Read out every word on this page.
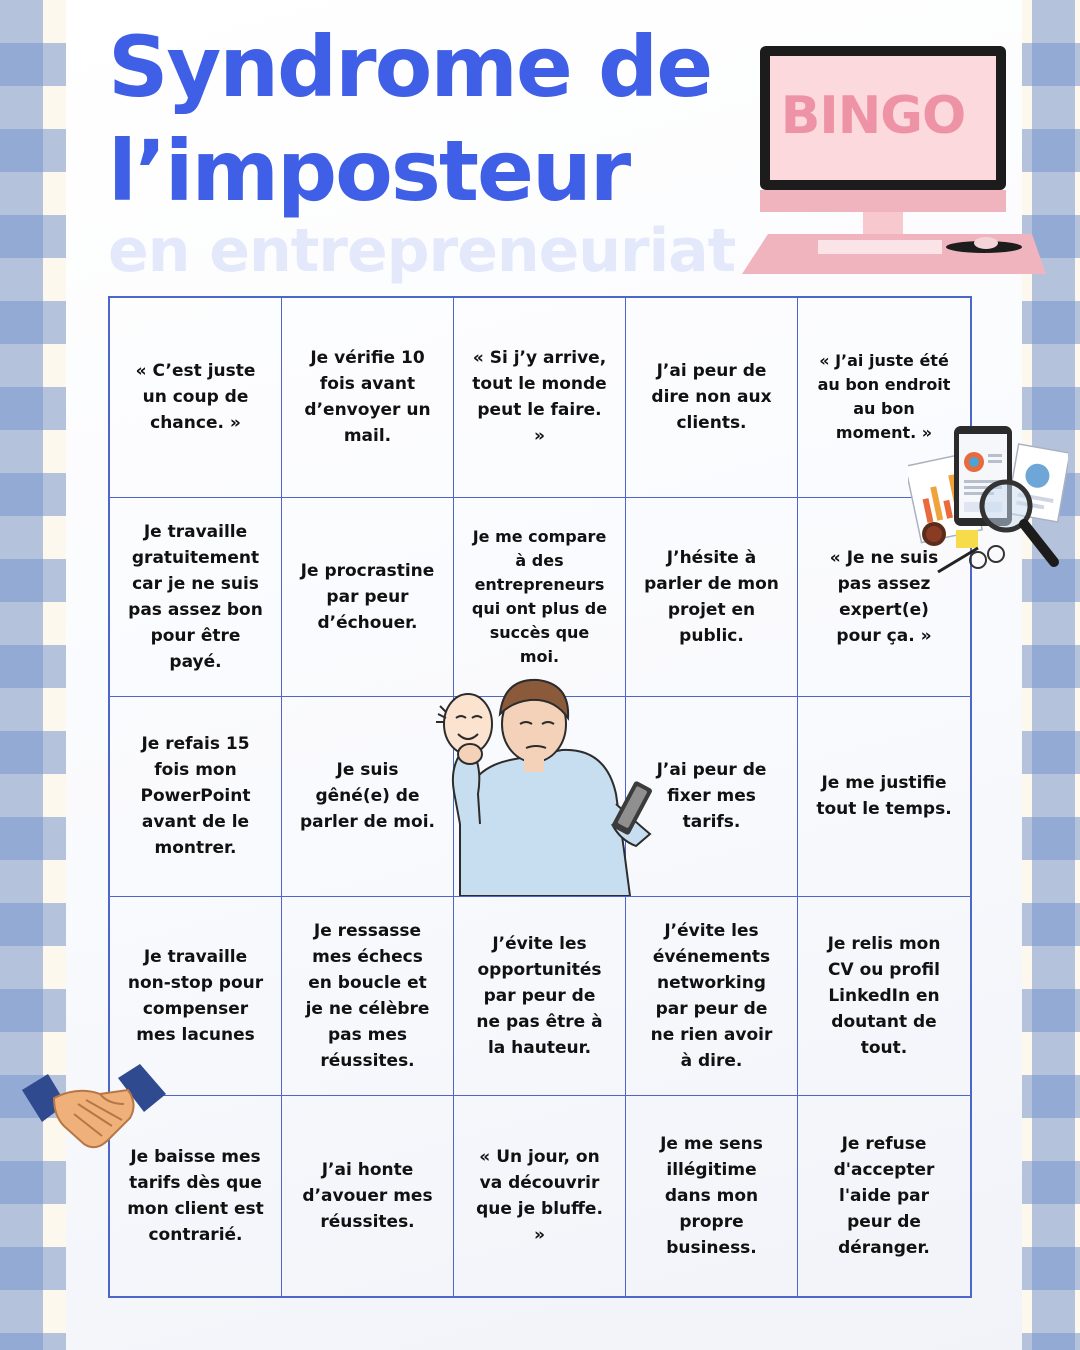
Syndrome de
l’imposteur
en entrepreneuriat
BINGO
« C’est juste un coup de chance. »
Je vérifie 10 fois avant d’envoyer un mail.
« Si j’y arrive, tout le monde peut le faire. »
J’ai peur de dire non aux clients.
« J’ai juste été au bon endroit au bon moment. »
Je travaille gratuitement car je ne suis pas assez bon pour être payé.
Je procrastine par peur d’échouer.
Je me compare à des entrepreneurs qui ont plus de succès que moi.
J’hésite à parler de mon projet en public.
« Je ne suis pas assez expert(e) pour ça. »
Je refais 15 fois mon PowerPoint avant de le montrer.
Je suis gêné(e) de parler de moi.
J’ai peur de fixer mes tarifs.
Je me justifie tout le temps.
Je travaille non-stop pour compenser mes lacunes
Je ressasse mes échecs en boucle et je ne célèbre pas mes réussites.
J’évite les opportunités par peur de ne pas être à la hauteur.
J’évite les événements networking par peur de ne rien avoir à dire.
Je relis mon CV ou profil LinkedIn en doutant de tout.
Je baisse mes tarifs dès que mon client est contrarié.
J’ai honte d’avouer mes réussites.
« Un jour, on va découvrir que je bluffe. »
Je me sens illégitime dans mon propre business.
Je refuse d'accepter l'aide par peur de déranger.
